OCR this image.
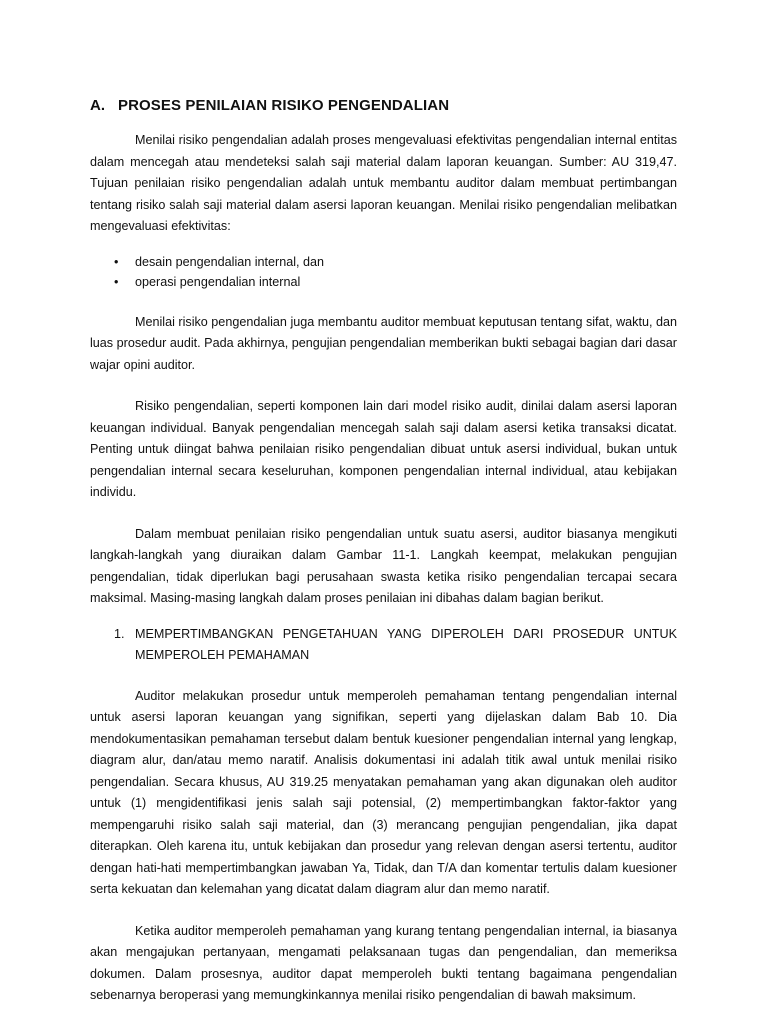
A. PROSES PENILAIAN RISIKO PENGENDALIAN

Menilai risiko pengendalian adalah proses mengevaluasi efektivitas pengendalian internal entitas dalam mencegah atau mendeteksi salah saji material dalam laporan keuangan. Sumber: AU 319,47. Tujuan penilaian risiko pengendalian adalah untuk membantu auditor dalam membuat pertimbangan tentang risiko salah saji material dalam asersi laporan keuangan. Menilai risiko pengendalian melibatkan mengevaluasi efektivitas:

• desain pengendalian internal, dan
• operasi pengendalian internal

Menilai risiko pengendalian juga membantu auditor membuat keputusan tentang sifat, waktu, dan luas prosedur audit. Pada akhirnya, pengujian pengendalian memberikan bukti sebagai bagian dari dasar wajar opini auditor.

Risiko pengendalian, seperti komponen lain dari model risiko audit, dinilai dalam asersi laporan keuangan individual. Banyak pengendalian mencegah salah saji dalam asersi ketika transaksi dicatat. Penting untuk diingat bahwa penilaian risiko pengendalian dibuat untuk asersi individual, bukan untuk pengendalian internal secara keseluruhan, komponen pengendalian internal individual, atau kebijakan individu.

Dalam membuat penilaian risiko pengendalian untuk suatu asersi, auditor biasanya mengikuti langkah-langkah yang diuraikan dalam Gambar 11-1. Langkah keempat, melakukan pengujian pengendalian, tidak diperlukan bagi perusahaan swasta ketika risiko pengendalian tercapai secara maksimal. Masing-masing langkah dalam proses penilaian ini dibahas dalam bagian berikut.

1. MEMPERTIMBANGKAN PENGETAHUAN YANG DIPEROLEH DARI PROSEDUR UNTUK MEMPEROLEH PEMAHAMAN

Auditor melakukan prosedur untuk memperoleh pemahaman tentang pengendalian internal untuk asersi laporan keuangan yang signifikan, seperti yang dijelaskan dalam Bab 10. Dia mendokumentasikan pemahaman tersebut dalam bentuk kuesioner pengendalian internal yang lengkap, diagram alur, dan/atau memo naratif. Analisis dokumentasi ini adalah titik awal untuk menilai risiko pengendalian. Secara khusus, AU 319.25 menyatakan pemahaman yang akan digunakan oleh auditor untuk (1) mengidentifikasi jenis salah saji potensial, (2) mempertimbangkan faktor-faktor yang mempengaruhi risiko salah saji material, dan (3) merancang pengujian pengendalian, jika dapat diterapkan. Oleh karena itu, untuk kebijakan dan prosedur yang relevan dengan asersi tertentu, auditor dengan hati-hati mempertimbangkan jawaban Ya, Tidak, dan T/A dan komentar tertulis dalam kuesioner serta kekuatan dan kelemahan yang dicatat dalam diagram alur dan memo naratif.

Ketika auditor memperoleh pemahaman yang kurang tentang pengendalian internal, ia biasanya akan mengajukan pertanyaan, mengamati pelaksanaan tugas dan pengendalian, dan memeriksa dokumen. Dalam prosesnya, auditor dapat memperoleh bukti tentang bagaimana pengendalian sebenarnya beroperasi yang memungkinkannya menilai risiko pengendalian di bawah maksimum.
